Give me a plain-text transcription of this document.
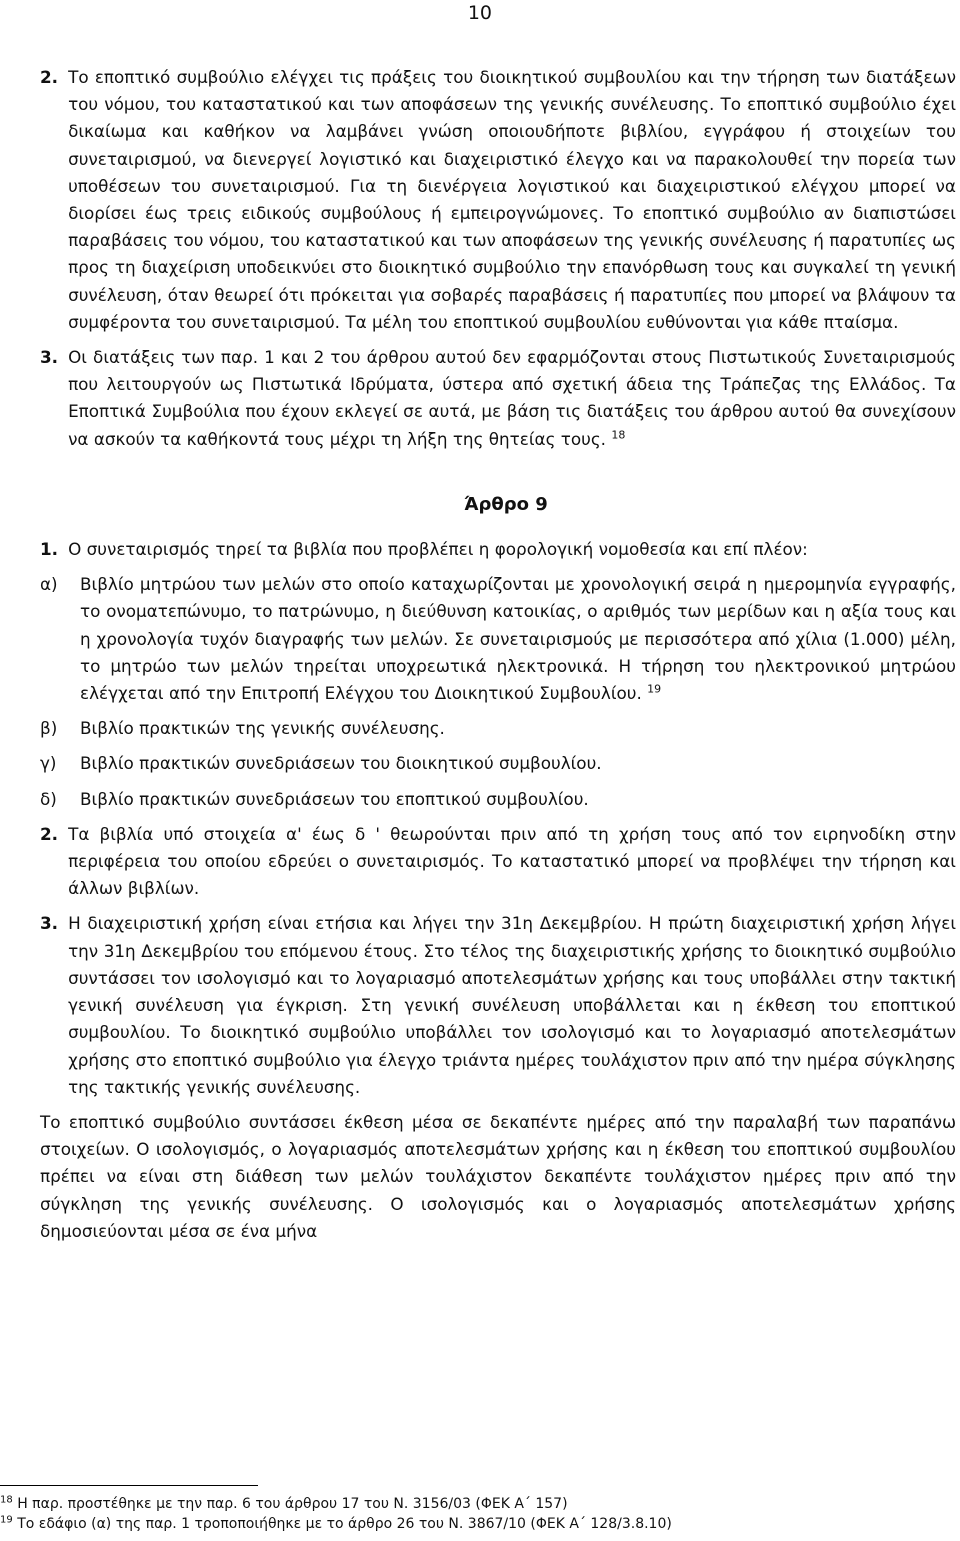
10
2. Το εποπτικό συμβούλιο ελέγχει τις πράξεις του διοικητικού συμβουλίου και την τήρηση των διατάξεων του νόμου, του καταστατικού και των αποφάσεων της γενικής συνέλευσης. Το εποπτικό συμβούλιο έχει δικαίωμα και καθήκον να λαμβάνει γνώση οποιουδήποτε βιβλίου, εγγράφου ή στοιχείων του συνεταιρισμού, να διενεργεί λογιστικό και διαχειριστικό έλεγχο και να παρακολουθεί την πορεία των υποθέσεων του συνεταιρισμού. Για τη διενέργεια λογιστικού και διαχειριστικού ελέγχου μπορεί να διορίσει έως τρεις ειδικούς συμβούλους ή εμπειρογνώμονες. Το εποπτικό συμβούλιο αν διαπιστώσει παραβάσεις του νόμου, του καταστατικού και των αποφάσεων της γενικής συνέλευσης ή παρατυπίες ως προς τη διαχείριση υποδεικνύει στο διοικητικό συμβούλιο την επανόρθωση τους και συγκαλεί τη γενική συνέλευση, όταν θεωρεί ότι πρόκειται για σοβαρές παραβάσεις ή παρατυπίες που μπορεί να βλάψουν τα συμφέροντα του συνεταιρισμού. Τα μέλη του εποπτικού συμβουλίου ευθύνονται για κάθε πταίσμα.
3. Οι διατάξεις των παρ. 1 και 2 του άρθρου αυτού δεν εφαρμόζονται στους Πιστωτικούς Συνεταιρισμούς που λειτουργούν ως Πιστωτικά Ιδρύματα, ύστερα από σχετική άδεια της Τράπεζας της Ελλάδος. Τα Εποπτικά Συμβούλια που έχουν εκλεγεί σε αυτά, με βάση τις διατάξεις του άρθρου αυτού θα συνεχίσουν να ασκούν τα καθήκοντά τους μέχρι τη λήξη της θητείας τους. $^{18}$
Άρθρο 9
1. Ο συνεταιρισμός τηρεί τα βιβλία που προβλέπει η φορολογική νομοθεσία και επί πλέον:
α)	Βιβλίο μητρώου των μελών στο οποίο καταχωρίζονται με χρονολογική σειρά η ημερομηνία εγγραφής, το ονοματεπώνυμο, το πατρώνυμο, η διεύθυνση κατοικίας, ο αριθμός των μερίδων και η αξία τους και η χρονολογία τυχόν διαγραφής των μελών. Σε συνεταιρισμούς με περισσότερα από χίλια (1.000) μέλη, το μητρώο των μελών τηρείται υποχρεωτικά ηλεκτρονικά. Η τήρηση του ηλεκτρονικού μητρώου ελέγχεται από την Επιτροπή Ελέγχου του Διοικητικού Συμβουλίου. $^{19}$
β)	Βιβλίο πρακτικών της γενικής συνέλευσης.
γ)	Βιβλίο πρακτικών συνεδριάσεων του διοικητικού συμβουλίου.
δ)	Βιβλίο πρακτικών συνεδριάσεων του εποπτικού συμβουλίου.
2. Τα βιβλία υπό στοιχεία α' έως δ ' θεωρούνται πριν από τη χρήση τους από τον ειρηνοδίκη στην περιφέρεια του οποίου εδρεύει ο συνεταιρισμός. Το καταστατικό μπορεί να προβλέψει την τήρηση και άλλων βιβλίων.
3. Η διαχειριστική χρήση είναι ετήσια και λήγει την 31η Δεκεμβρίου. Η πρώτη διαχειριστική χρήση λήγει την 31η Δεκεμβρίου του επόμενου έτους. Στο τέλος της διαχειριστικής χρήσης το διοικητικό συμβούλιο συντάσσει τον ισολογισμό και το λογαριασμό αποτελεσμάτων χρήσης και τους υποβάλλει στην τακτική γενική συνέλευση για έγκριση. Στη γενική συνέλευση υποβάλλεται και η έκθεση του εποπτικού συμβουλίου. Το διοικητικό συμβούλιο υποβάλλει τον ισολογισμό και το λογαριασμό αποτελεσμάτων χρήσης στο εποπτικό συμβούλιο για έλεγχο τριάντα ημέρες τουλάχιστον πριν από την ημέρα σύγκλησης της τακτικής γενικής συνέλευσης.
Το εποπτικό συμβούλιο συντάσσει έκθεση μέσα σε δεκαπέντε ημέρες από την παραλαβή των παραπάνω στοιχείων. Ο ισολογισμός, ο λογαριασμός αποτελεσμάτων χρήσης και η έκθεση του εποπτικού συμβουλίου πρέπει να είναι στη διάθεση των μελών τουλάχιστον δεκαπέντε τουλάχιστον ημέρες πριν από την σύγκληση της γενικής συνέλευσης. Ο ισολογισμός και ο λογαριασμός αποτελεσμάτων χρήσης δημοσιεύονται μέσα σε ένα μήνα
$^{18}$ Η παρ. προστέθηκε με την παρ. 6 του άρθρου 17 του Ν. 3156/03 (ΦΕΚ Α΄ 157)
$^{19}$ Το εδάφιο (α) της παρ. 1 τροποποιήθηκε με το άρθρο 26 του Ν. 3867/10 (ΦΕΚ Α΄ 128/3.8.10)
